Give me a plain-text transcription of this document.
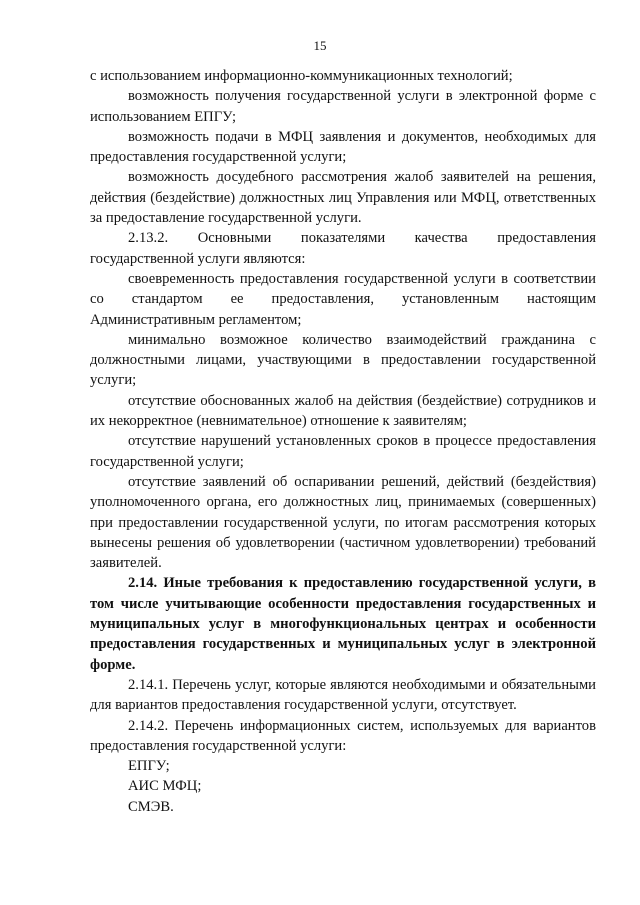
15

с использованием информационно-коммуникационных технологий;

возможность получения государственной услуги в электронной форме с использованием ЕПГУ;

возможность подачи в МФЦ заявления и документов, необходимых для предоставления государственной услуги;

возможность досудебного рассмотрения жалоб заявителей на решения, действия (бездействие) должностных лиц Управления или МФЦ, ответственных за предоставление государственной услуги.

2.13.2. Основными показателями качества предоставления государственной услуги являются:

своевременность предоставления государственной услуги в соответствии со стандартом ее предоставления, установленным настоящим Административным регламентом;

минимально возможное количество взаимодействий гражданина с должностными лицами, участвующими в предоставлении государственной услуги;

отсутствие обоснованных жалоб на действия (бездействие) сотрудников и их некорректное (невнимательное) отношение к заявителям;

отсутствие нарушений установленных сроков в процессе предоставления государственной услуги;

отсутствие заявлений об оспаривании решений, действий (бездействия) уполномоченного органа, его должностных лиц, принимаемых (совершенных) при предоставлении государственной услуги, по итогам рассмотрения которых вынесены решения об удовлетворении (частичном удовлетворении) требований заявителей.

2.14. Иные требования к предоставлению государственной услуги, в том числе учитывающие особенности предоставления государственных и муниципальных услуг в многофункциональных центрах и особенности предоставления государственных и муниципальных услуг в электронной форме.

2.14.1. Перечень услуг, которые являются необходимыми и обязательными для вариантов предоставления государственной услуги, отсутствует.

2.14.2. Перечень информационных систем, используемых для вариантов предоставления государственной услуги:

ЕПГУ;

АИС МФЦ;

СМЭВ.
